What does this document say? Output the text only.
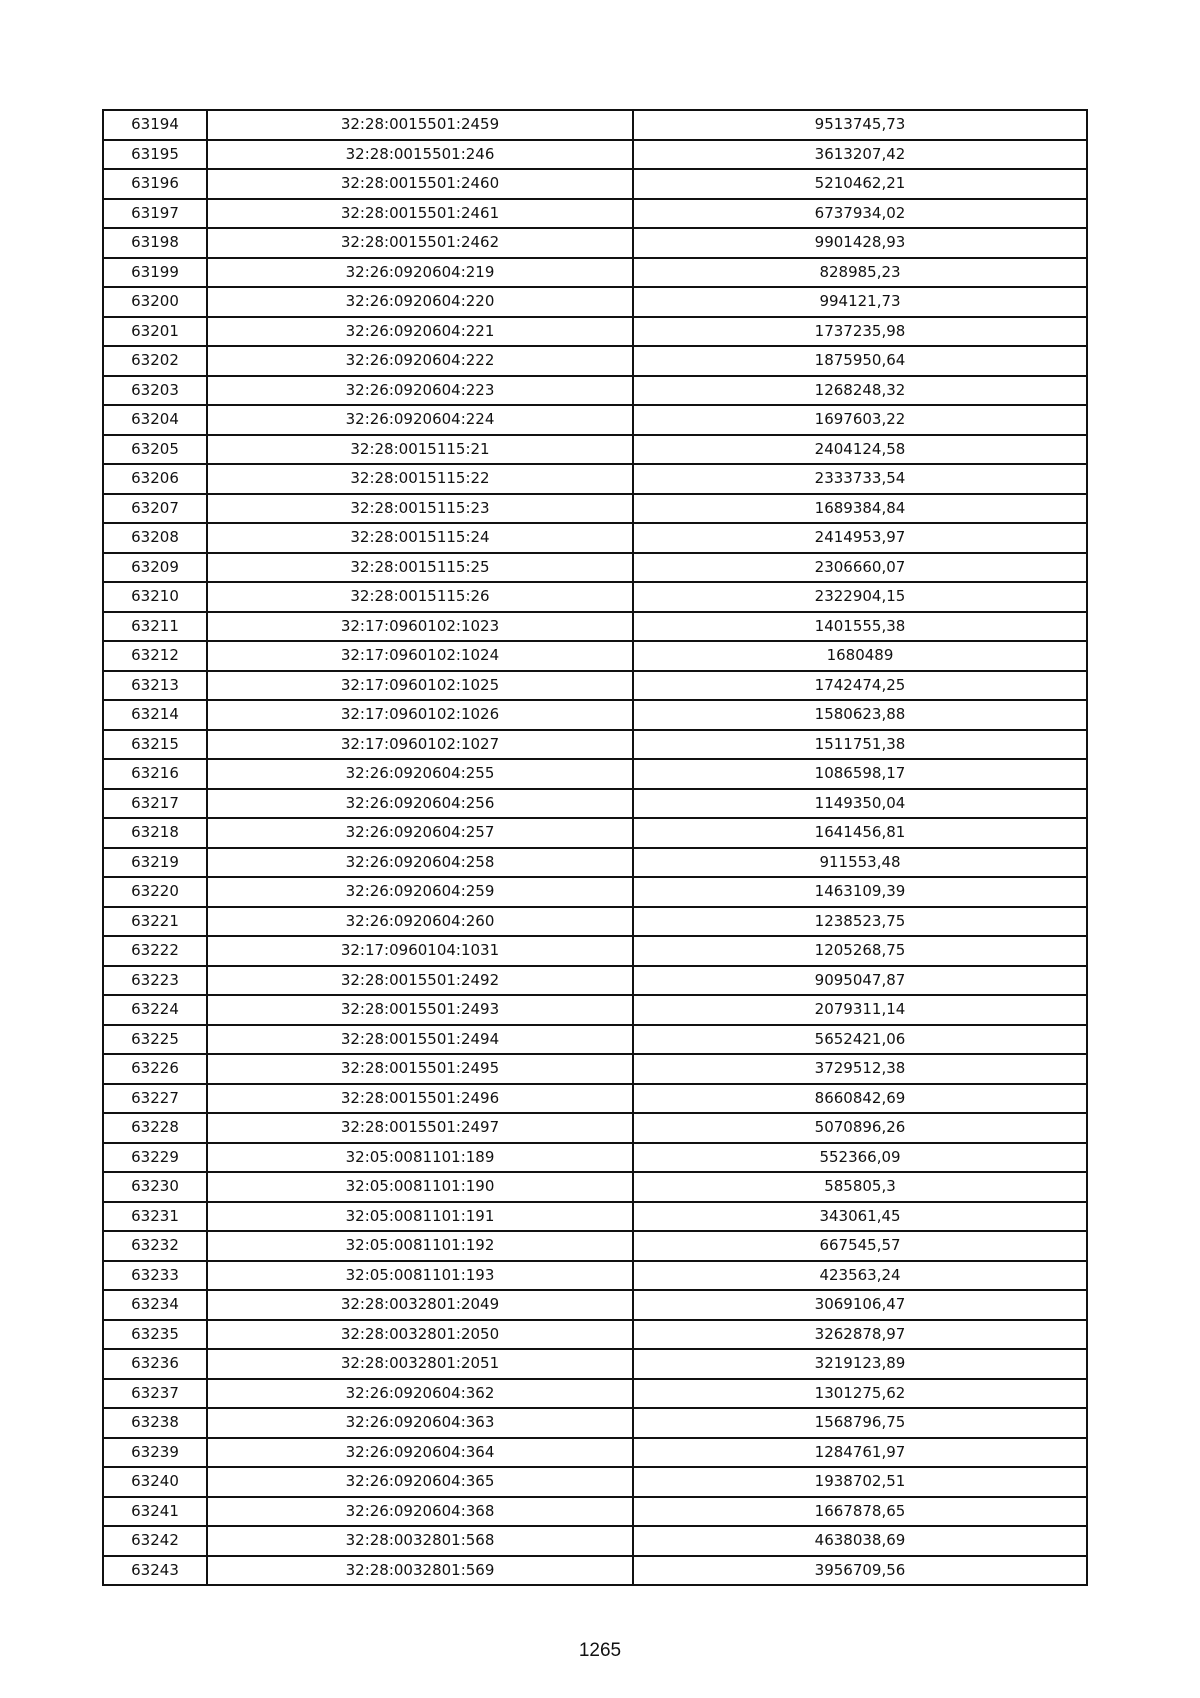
63194	32:28:0015501:2459	9513745,73
63195	32:28:0015501:246	3613207,42
63196	32:28:0015501:2460	5210462,21
63197	32:28:0015501:2461	6737934,02
63198	32:28:0015501:2462	9901428,93
63199	32:26:0920604:219	828985,23
63200	32:26:0920604:220	994121,73
63201	32:26:0920604:221	1737235,98
63202	32:26:0920604:222	1875950,64
63203	32:26:0920604:223	1268248,32
63204	32:26:0920604:224	1697603,22
63205	32:28:0015115:21	2404124,58
63206	32:28:0015115:22	2333733,54
63207	32:28:0015115:23	1689384,84
63208	32:28:0015115:24	2414953,97
63209	32:28:0015115:25	2306660,07
63210	32:28:0015115:26	2322904,15
63211	32:17:0960102:1023	1401555,38
63212	32:17:0960102:1024	1680489
63213	32:17:0960102:1025	1742474,25
63214	32:17:0960102:1026	1580623,88
63215	32:17:0960102:1027	1511751,38
63216	32:26:0920604:255	1086598,17
63217	32:26:0920604:256	1149350,04
63218	32:26:0920604:257	1641456,81
63219	32:26:0920604:258	911553,48
63220	32:26:0920604:259	1463109,39
63221	32:26:0920604:260	1238523,75
63222	32:17:0960104:1031	1205268,75
63223	32:28:0015501:2492	9095047,87
63224	32:28:0015501:2493	2079311,14
63225	32:28:0015501:2494	5652421,06
63226	32:28:0015501:2495	3729512,38
63227	32:28:0015501:2496	8660842,69
63228	32:28:0015501:2497	5070896,26
63229	32:05:0081101:189	552366,09
63230	32:05:0081101:190	585805,3
63231	32:05:0081101:191	343061,45
63232	32:05:0081101:192	667545,57
63233	32:05:0081101:193	423563,24
63234	32:28:0032801:2049	3069106,47
63235	32:28:0032801:2050	3262878,97
63236	32:28:0032801:2051	3219123,89
63237	32:26:0920604:362	1301275,62
63238	32:26:0920604:363	1568796,75
63239	32:26:0920604:364	1284761,97
63240	32:26:0920604:365	1938702,51
63241	32:26:0920604:368	1667878,65
63242	32:28:0032801:568	4638038,69
63243	32:28:0032801:569	3956709,56
1265
